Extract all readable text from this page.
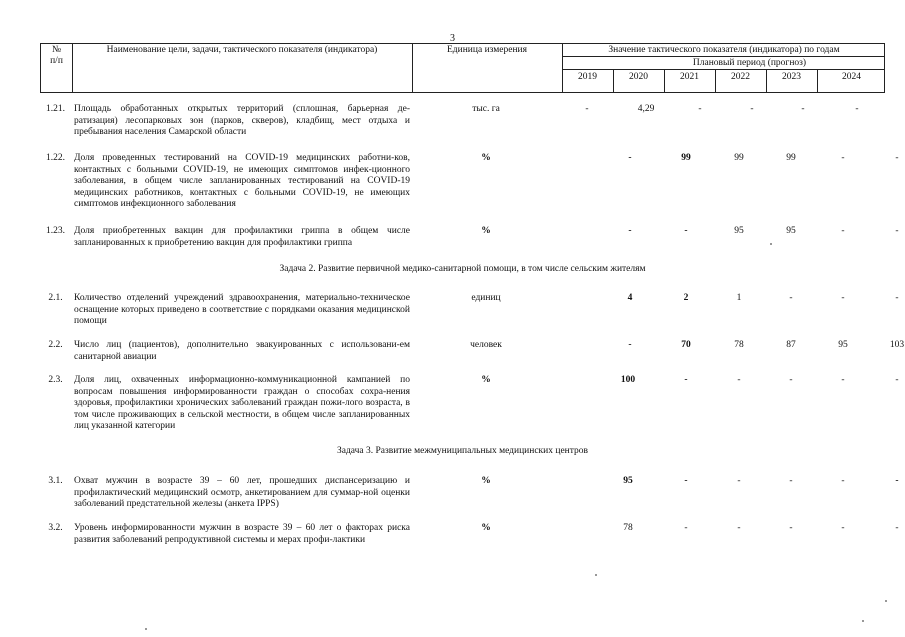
3
№
п/п
Наименование цели, задачи, тактического показателя (индикатора)	Единица измерения	Значение тактического показателя (индикатора) по годам
Плановый период (прогноз)
2019	2020	2021	2022	2023	2024
1.21. Площадь обработанных открытых территорий (сплошная, барьерная де-ратизация) лесопарковых зон (парков, скверов), кладбищ, мест отдыха и пребывания населения Самарской области
тыс. га	-	4,29	-	-	-	-
1.22. Доля проведенных тестирований на COVID-19 медицинских работни-ков, контактных с больными COVID-19, не имеющих симптомов инфек-ционного заболевания, в общем числе запланированных тестирований на COVID-19 медицинских работников, контактных с больными COVID-19, не имеющих симптомов инфекционного заболевания
%	-	99	99	99	-	-
1.23. Доля приобретенных вакцин для профилактики гриппа в общем числе запланированных к приобретению вакцин для профилактики гриппа
%	-	-	95	95	-	-
Задача 2. Развитие первичной медико-санитарной помощи, в том числе сельским жителям
2.1.	Количество отделений учреждений здравоохранения, материально-техническое оснащение которых приведено в соответствие с порядками оказания медицинской помощи
единиц	4	2	1	-	-	-
2.2.	Число лиц (пациентов), дополнительно эвакуированных с использовани-ем санитарной авиации
человек	-	70	78	87	95	103
2.3.	Доля лиц, охваченных информационно-коммуникационной кампанией по вопросам повышения информированности граждан о способах сохра-нения здоровья, профилактики хронических заболеваний граждан пожи-лого возраста, в том числе проживающих в сельской местности, в общем числе запланированных лиц указанной категории
%	100	-	-	-	-	-
Задача 3. Развитие межмуниципальных медицинских центров
3.1.	Охват мужчин в возрасте 39 – 60 лет, прошедших диспансеризацию и профилактический медицинский осмотр, анкетированием для суммар-ной оценки заболеваний предстательной железы (анкета IPPS)
%	95	-	-	-	-	-
3.2.	Уровень информированности мужчин в возрасте 39 – 60 лет о факторах риска развития заболеваний репродуктивной системы и мерах профи-лактики
%	78	-	-	-	-	-
